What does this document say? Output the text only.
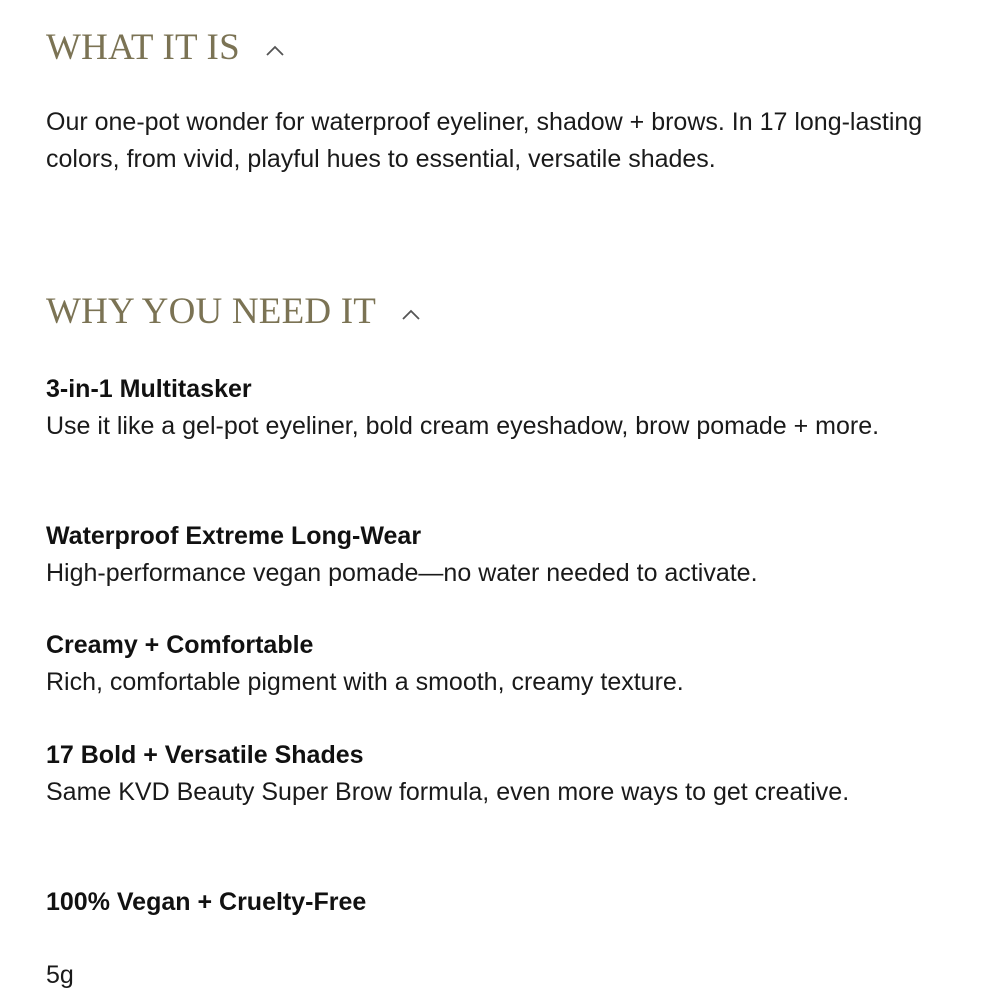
WHAT IT IS
Our one-pot wonder for waterproof eyeliner, shadow + brows. In 17 long-lasting colors, from vivid, playful hues to essential, versatile shades.
WHY YOU NEED IT
3-in-1 Multitasker
Use it like a gel-pot eyeliner, bold cream eyeshadow, brow pomade + more.
Waterproof Extreme Long-Wear
High-performance vegan pomade—no water needed to activate.
Creamy + Comfortable
Rich, comfortable pigment with a smooth, creamy texture.
17 Bold + Versatile Shades
Same KVD Beauty Super Brow formula, even more ways to get creative.
100% Vegan + Cruelty-Free
5g
